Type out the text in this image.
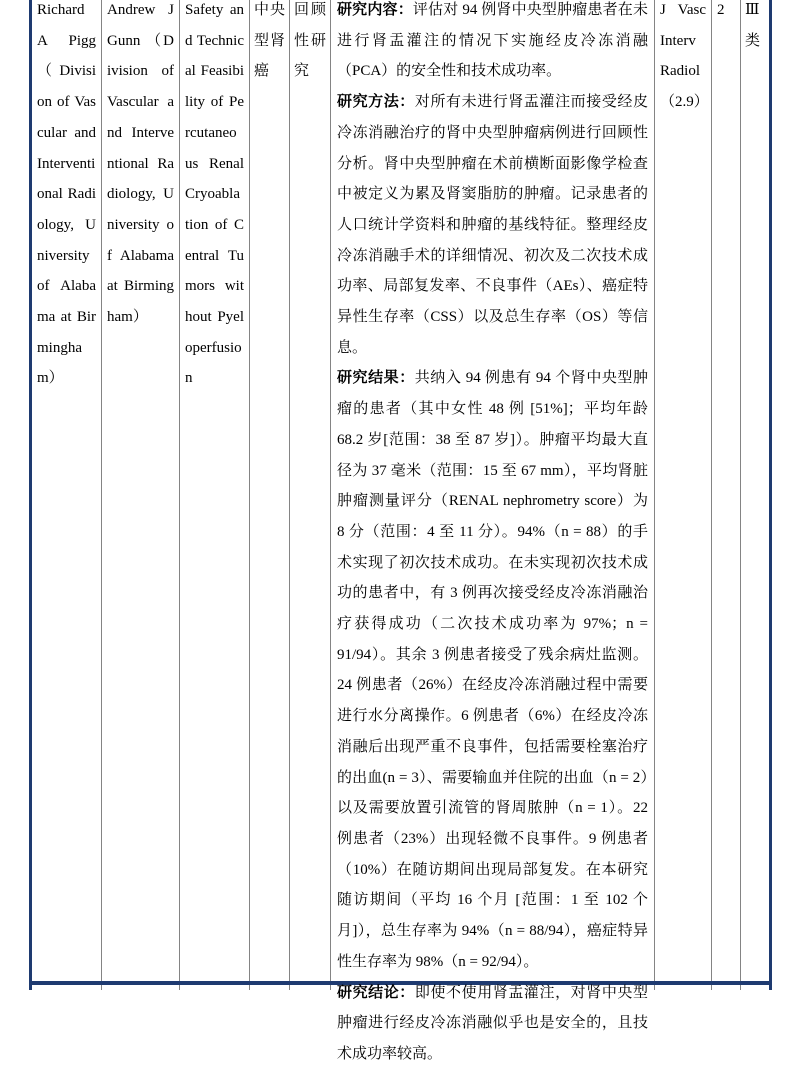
Richard A Pigg （Division of Vascular and Interventional Radiology, University of Alabama at Birmingham）
Andrew J Gunn （Division of Vascular and Interventional Radiology, University of Alabama at Birmingham）
Safety and Technical Feasibility of Percutaneous Renal Cryoablation of Central Tumors without Pyeloperfusion
中央型肾癌
回顾性研究

研究内容：评估对 94 例肾中央型肿瘤患者在未进行肾盂灌注的情况下实施经皮冷冻消融（PCA）的安全性和技术成功率。

研究方法：对所有未进行肾盂灌注而接受经皮冷冻消融治疗的肾中央型肿瘤病例进行回顾性分析。肾中央型肿瘤在术前横断面影像学检查中被定义为累及肾窦脂肪的肿瘤。记录患者的人口统计学资料和肿瘤的基线特征。整理经皮冷冻消融手术的详细情况、初次及二次技术成功率、局部复发率、不良事件（AEs）、癌症特异性生存率（CSS）以及总生存率（OS）等信息。

研究结果：共纳入 94 例患有 94 个肾中央型肿瘤的患者（其中女性 48 例 [51%]；平均年龄 68.2 岁[范围：38 至 87 岁]）。肿瘤平均最大直径为 37 毫米（范围：15 至 67 mm），平均肾脏肿瘤测量评分（RENAL nephrometry score）为 8 分（范围：4 至 11 分）。94%（n = 88）的手术实现了初次技术成功。在未实现初次技术成功的患者中，有 3 例再次接受经皮冷冻消融治疗获得成功（二次技术成功率为 97%；n = 91/94）。其余 3 例患者接受了残余病灶监测。24 例患者（26%）在经皮冷冻消融过程中需要进行水分离操作。6 例患者（6%）在经皮冷冻消融后出现严重不良事件，包括需要栓塞治疗的出血(n = 3）、需要输血并住院的出血（n = 2）以及需要放置引流管的肾周脓肿（n = 1）。22 例患者（23%）出现轻微不良事件。9 例患者（10%）在随访期间出现局部复发。在本研究随访期间（平均 16 个月 [范围：1 至 102 个月]），总生存率为 94%（n = 88/94），癌症特异性生存率为 98%（n = 92/94）。

研究结论：即使不使用肾盂灌注，对肾中央型肿瘤进行经皮冷冻消融似乎也是安全的，且技术成功率较高。

J Vasc Interv Radiol （2.9）
2	Ⅲ 类
